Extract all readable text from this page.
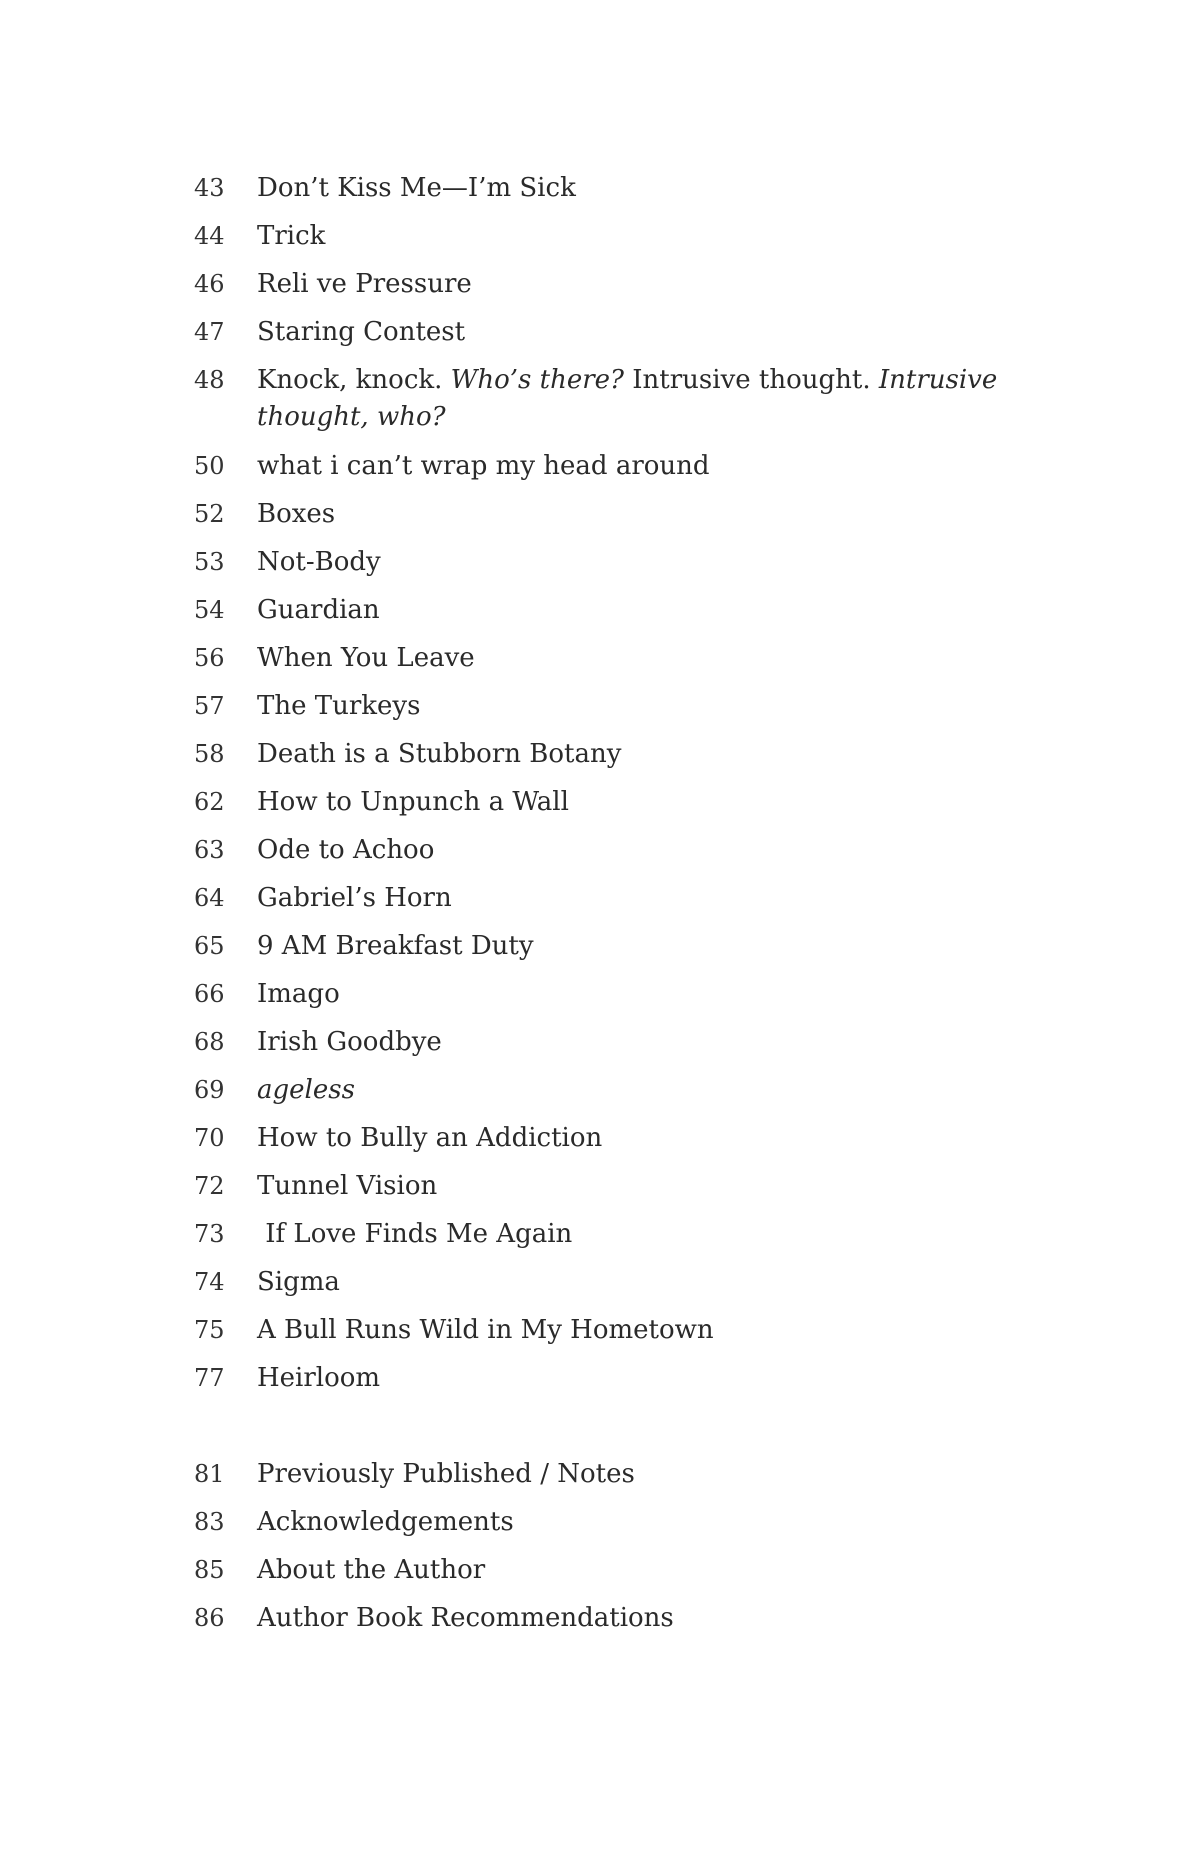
43	Don’t Kiss Me—I’m Sick
44	Trick
46	Reli ve Pressure
47	Staring Contest
48	Knock, knock. Who’s there? Intrusive thought. Intrusive thought, who?
50	what i can’t wrap my head around
52	Boxes
53	Not-Body
54	Guardian
56	When You Leave
57	The Turkeys
58	Death is a Stubborn Botany
62	How to Unpunch a Wall
63	Ode to Achoo
64	Gabriel’s Horn
65	9 AM Breakfast Duty
66	Imago
68	Irish Goodbye
69	ageless
70	How to Bully an Addiction
72	Tunnel Vision
73	If Love Finds Me Again
74	Sigma
75	A Bull Runs Wild in My Hometown
77	Heirloom
81	Previously Published / Notes
83	Acknowledgements
85	About the Author
86	Author Book Recommendations
